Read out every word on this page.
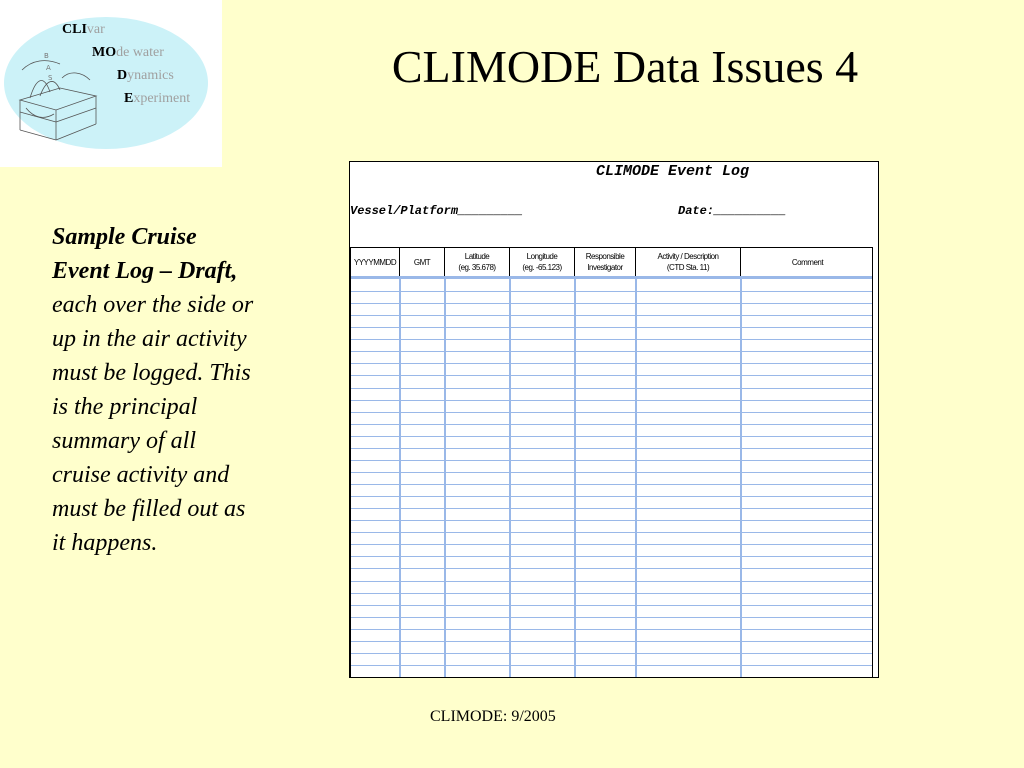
B
A
S
CLIvar
MOde water
Dynamics
Experiment
CLIMODE Data Issues 4
Sample Cruise Event Log – Draft, each over the side or up in the air activity must be logged. This is the principal summary of all cruise activity and must be filled out as it happens.
CLIMODE Event Log
Vessel/Platform_________	Date:__________
YYYYMMDD GMT

Latitude
(eg. 35.678)
Longitude
(eg. -65.123)
Responsible
Investigator
Activity / Description
(CTD Sta. 11)
Comment

CLIMODE: 9/2005
